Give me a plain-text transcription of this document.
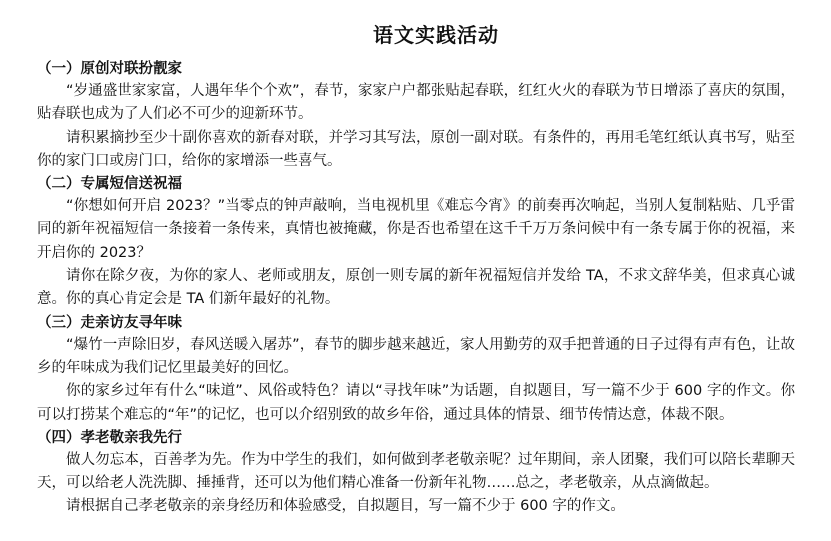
语文实践活动
（一）原创对联扮靓家

“岁通盛世家家富，人遇年华个个欢”，春节，家家户户都张贴起春联，红红火火的春联为节日增添了喜庆的氛围，贴春联也成为了人们必不可少的迎新环节。

请积累摘抄至少十副你喜欢的新春对联，并学习其写法，原创一副对联。有条件的，再用毛笔红纸认真书写，贴至你的家门口或房门口，给你的家增添一些喜气。

（二）专属短信送祝福

“你想如何开启 2023？”当零点的钟声敲响，当电视机里《难忘今宵》的前奏再次响起，当别人复制粘贴、几乎雷同的新年祝福短信一条接着一条传来，真情也被掩藏，你是否也希望在这千千万万条问候中有一条专属于你的祝福，来开启你的 2023？

请你在除夕夜，为你的家人、老师或朋友，原创一则专属的新年祝福短信并发给 TA，不求文辞华美，但求真心诚意。你的真心肯定会是 TA 们新年最好的礼物。

（三）走亲访友寻年味

“爆竹一声除旧岁，春风送暖入屠苏”，春节的脚步越来越近，家人用勤劳的双手把普通的日子过得有声有色，让故乡的年味成为我们记忆里最美好的回忆。

你的家乡过年有什么“味道”、风俗或特色？请以“寻找年味”为话题，自拟题目，写一篇不少于 600 字的作文。你可以打捞某个难忘的“年”的记忆，也可以介绍别致的故乡年俗，通过具体的情景、细节传情达意，体裁不限。

（四）孝老敬亲我先行

做人勿忘本，百善孝为先。作为中学生的我们，如何做到孝老敬亲呢？过年期间，亲人团聚，我们可以陪长辈聊天天，可以给老人洗洗脚、捶捶背，还可以为他们精心准备一份新年礼物……总之，孝老敬亲，从点滴做起。

请根据自己孝老敬亲的亲身经历和体验感受，自拟题目，写一篇不少于 600 字的作文。
